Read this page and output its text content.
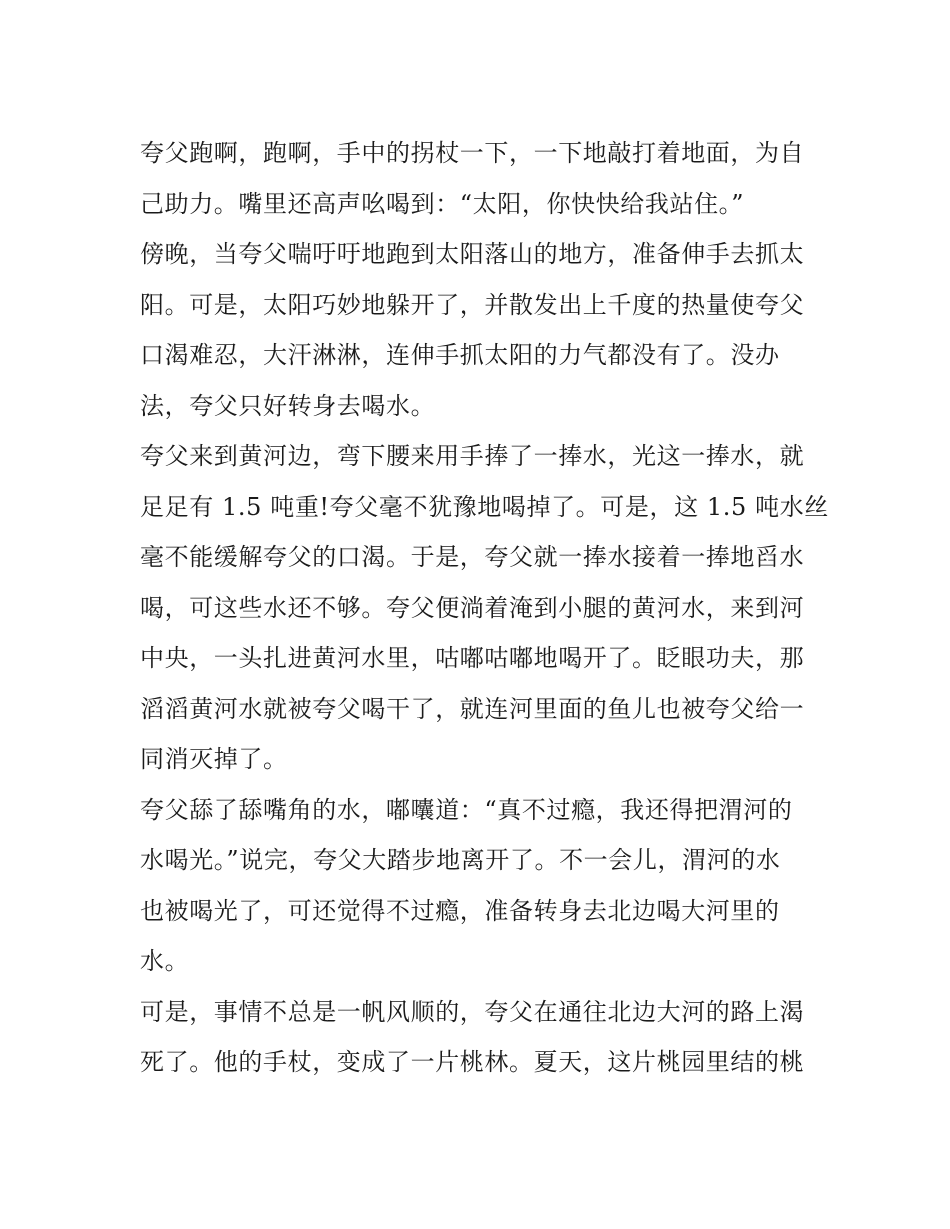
夸父跑啊，跑啊，手中的拐杖一下，一下地敲打着地面，为自
己助力。嘴里还高声吆喝到：“太阳，你快快给我站住。”
傍晚，当夸父喘吁吁地跑到太阳落山的地方，准备伸手去抓太
阳。可是，太阳巧妙地躲开了，并散发出上千度的热量使夸父
口渴难忍，大汗淋淋，连伸手抓太阳的力气都没有了。没办
法，夸父只好转身去喝水。
夸父来到黄河边，弯下腰来用手捧了一捧水，光这一捧水，就
足足有 1.5 吨重!夸父毫不犹豫地喝掉了。可是，这 1.5 吨水丝
毫不能缓解夸父的口渴。于是，夸父就一捧水接着一捧地舀水
喝，可这些水还不够。夸父便淌着淹到小腿的黄河水，来到河
中央，一头扎进黄河水里，咕嘟咕嘟地喝开了。眨眼功夫，那
滔滔黄河水就被夸父喝干了，就连河里面的鱼儿也被夸父给一
同消灭掉了。
夸父舔了舔嘴角的水，嘟囔道：“真不过瘾，我还得把渭河的
水喝光。”说完，夸父大踏步地离开了。不一会儿，渭河的水
也被喝光了，可还觉得不过瘾，准备转身去北边喝大河里的
水。
可是，事情不总是一帆风顺的，夸父在通往北边大河的路上渴
死了。他的手杖，变成了一片桃林。夏天，这片桃园里结的桃
